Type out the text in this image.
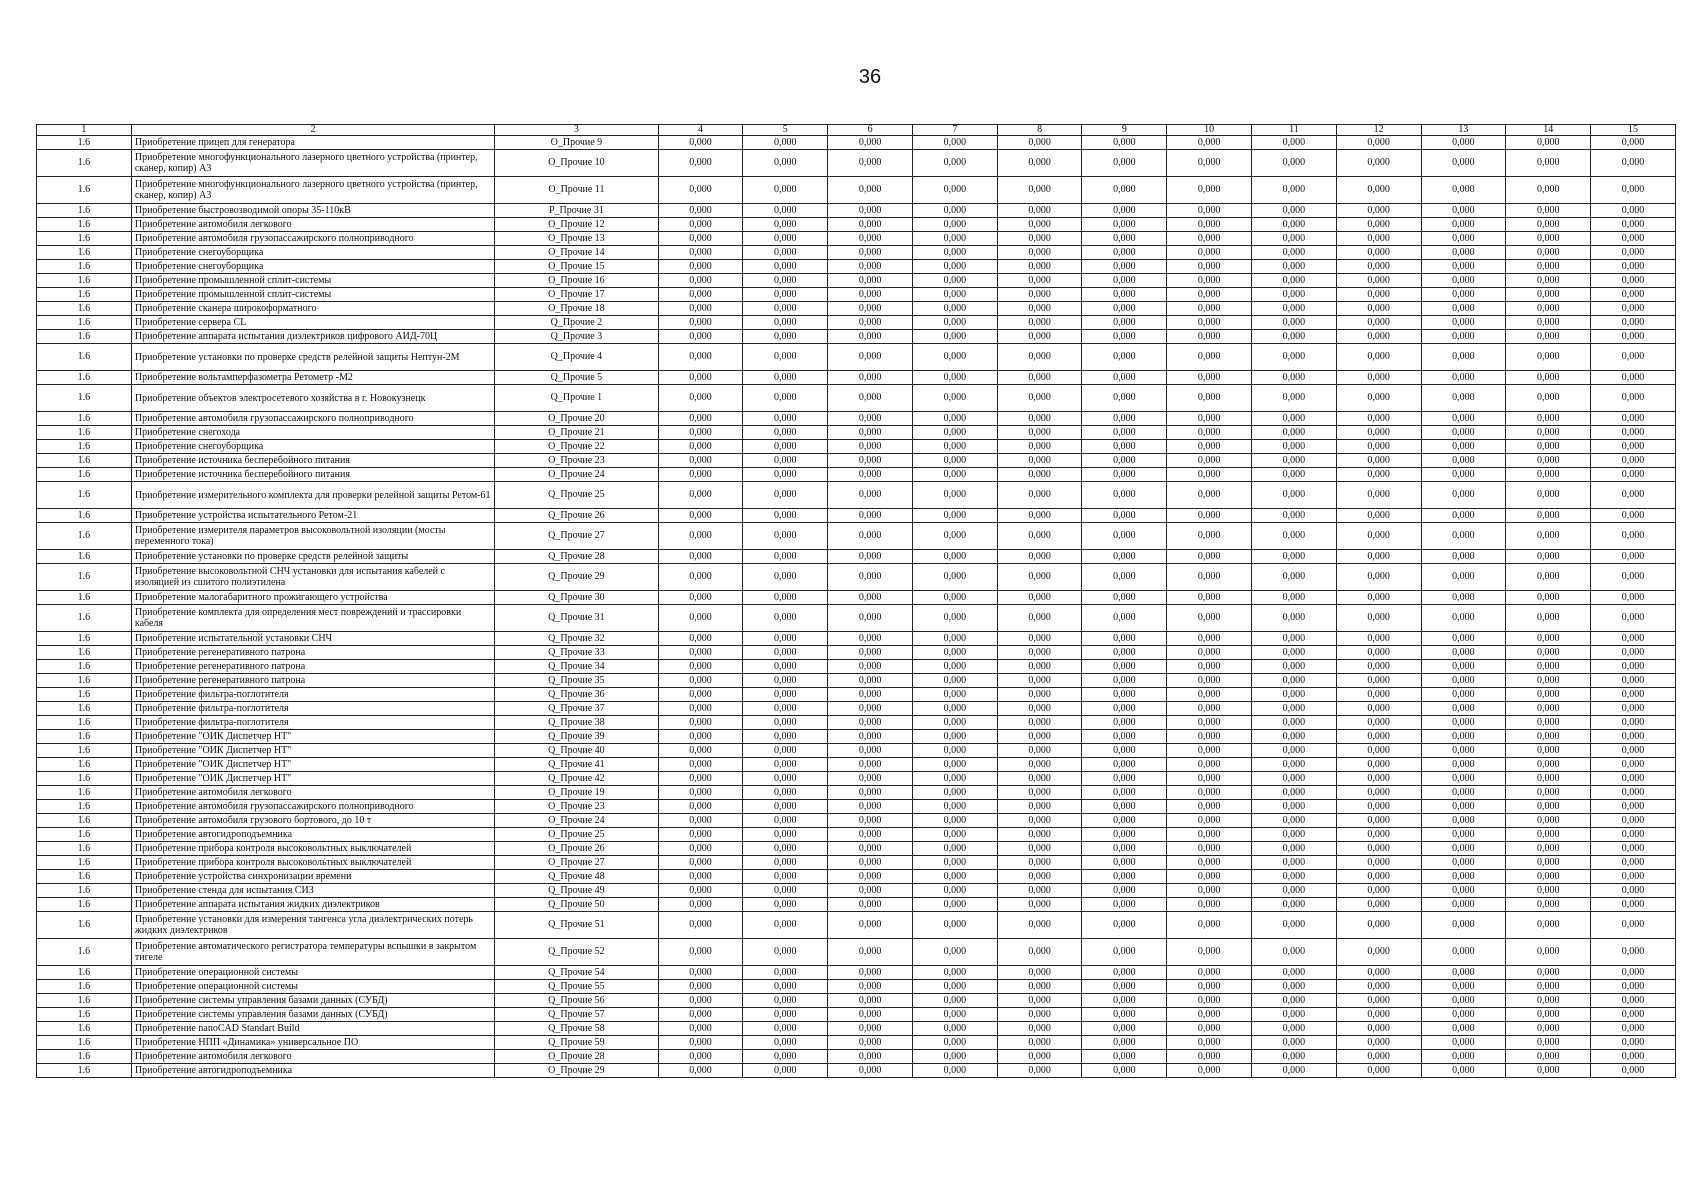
36
1	2	3	4	5	6	7	8	9	10	11	12	13	14	15
1.6	Приобретение прицеп для генератора	О_Прочие 9	0,000	0,000	0,000	0,000	0,000	0,000	0,000	0,000	0,000	0,000	0,000	0,000
1.6	Приобретение многофункционального лазерного цветного устройства (принтер, сканер, копир) А3	О_Прочие 10	0,000	0,000	0,000	0,000	0,000	0,000	0,000	0,000	0,000	0,000	0,000	0,000
1.6	Приобретение многофункционального лазерного цветного устройства (принтер, сканер, копир) А3	О_Прочие 11	0,000	0,000	0,000	0,000	0,000	0,000	0,000	0,000	0,000	0,000	0,000	0,000
1.6	Приобретение быстровозводимой опоры 35-110кВ	Р_Прочие 31	0,000	0,000	0,000	0,000	0,000	0,000	0,000	0,000	0,000	0,000	0,000	0,000
1.6	Приобретение автомобиля легкового	О_Прочие 12	0,000	0,000	0,000	0,000	0,000	0,000	0,000	0,000	0,000	0,000	0,000	0,000
1.6	Приобретение автомобиля грузопассажирского полноприводного	О_Прочие 13	0,000	0,000	0,000	0,000	0,000	0,000	0,000	0,000	0,000	0,000	0,000	0,000
1.6	Приобретение снегоуборщика	О_Прочие 14	0,000	0,000	0,000	0,000	0,000	0,000	0,000	0,000	0,000	0,000	0,000	0,000
1.6	Приобретение снегоуборщика	О_Прочие 15	0,000	0,000	0,000	0,000	0,000	0,000	0,000	0,000	0,000	0,000	0,000	0,000
1.6	Приобретение промышленной сплит-системы	О_Прочие 16	0,000	0,000	0,000	0,000	0,000	0,000	0,000	0,000	0,000	0,000	0,000	0,000
1.6	Приобретение промышленной сплит-системы	О_Прочие 17	0,000	0,000	0,000	0,000	0,000	0,000	0,000	0,000	0,000	0,000	0,000	0,000
1.6	Приобретение сканера широкоформатного	О_Прочие 18	0,000	0,000	0,000	0,000	0,000	0,000	0,000	0,000	0,000	0,000	0,000	0,000
1.6	Приобретение сервера CL	Q_Прочие 2	0,000	0,000	0,000	0,000	0,000	0,000	0,000	0,000	0,000	0,000	0,000	0,000
1.6	Приобретение аппарата испытания диэлектриков цифрового АИД-70Ц	Q_Прочие 3	0,000	0,000	0,000	0,000	0,000	0,000	0,000	0,000	0,000	0,000	0,000	0,000
1.6	Приобретение установки по проверке средств релейной защиты Нептун-2М	Q_Прочие 4	0,000	0,000	0,000	0,000	0,000	0,000	0,000	0,000	0,000	0,000	0,000	0,000
1.6	Приобретение вольтамперфазометра Ретометр -М2	Q_Прочие 5	0,000	0,000	0,000	0,000	0,000	0,000	0,000	0,000	0,000	0,000	0,000	0,000
1.6	Приобретение объектов электросетевого хозяйства в г. Новокузнецк	Q_Прочие 1	0,000	0,000	0,000	0,000	0,000	0,000	0,000	0,000	0,000	0,000	0,000	0,000
1.6	Приобретение автомобиля грузопассажирского полноприводного	О_Прочие 20	0,000	0,000	0,000	0,000	0,000	0,000	0,000	0,000	0,000	0,000	0,000	0,000
1.6	Приобретение снегохода	О_Прочие 21	0,000	0,000	0,000	0,000	0,000	0,000	0,000	0,000	0,000	0,000	0,000	0,000
1.6	Приобретение снегоуборщика	О_Прочие 22	0,000	0,000	0,000	0,000	0,000	0,000	0,000	0,000	0,000	0,000	0,000	0,000
1.6	Приобретение источника бесперебойного питания	О_Прочие 23	0,000	0,000	0,000	0,000	0,000	0,000	0,000	0,000	0,000	0,000	0,000	0,000
1.6	Приобретение источника бесперебойного питания	О_Прочие 24	0,000	0,000	0,000	0,000	0,000	0,000	0,000	0,000	0,000	0,000	0,000	0,000
1.6	Приобретение измерительного комплекта для проверки релейной защиты Ретом-61	Q_Прочие 25	0,000	0,000	0,000	0,000	0,000	0,000	0,000	0,000	0,000	0,000	0,000	0,000
1.6	Приобретение устройства испытательного Ретом-21	Q_Прочие 26	0,000	0,000	0,000	0,000	0,000	0,000	0,000	0,000	0,000	0,000	0,000	0,000
1.6	Приобретение измерителя параметров высоковольтной изоляции (мосты переменного тока)	Q_Прочие 27	0,000	0,000	0,000	0,000	0,000	0,000	0,000	0,000	0,000	0,000	0,000	0,000
1.6	Приобретение установки по проверке средств релейной защиты	Q_Прочие 28	0,000	0,000	0,000	0,000	0,000	0,000	0,000	0,000	0,000	0,000	0,000	0,000
1.6	Приобретение высоковольтной СНЧ установки для испытания кабелей с изоляцией из сшитого полиэтилена	Q_Прочие 29	0,000	0,000	0,000	0,000	0,000	0,000	0,000	0,000	0,000	0,000	0,000	0,000
1.6	Приобретение малогабаритного прожигающего устройства	Q_Прочие 30	0,000	0,000	0,000	0,000	0,000	0,000	0,000	0,000	0,000	0,000	0,000	0,000
1.6	Приобретение комплекта для определения мест повреждений и трассировки кабеля	Q_Прочие 31	0,000	0,000	0,000	0,000	0,000	0,000	0,000	0,000	0,000	0,000	0,000	0,000
1.6	Приобретение испытательной установки СНЧ	Q_Прочие 32	0,000	0,000	0,000	0,000	0,000	0,000	0,000	0,000	0,000	0,000	0,000	0,000
1.6	Приобретение регенеративного патрона	Q_Прочие 33	0,000	0,000	0,000	0,000	0,000	0,000	0,000	0,000	0,000	0,000	0,000	0,000
1.6	Приобретение регенеративного патрона	Q_Прочие 34	0,000	0,000	0,000	0,000	0,000	0,000	0,000	0,000	0,000	0,000	0,000	0,000
1.6	Приобретение регенеративного патрона	Q_Прочие 35	0,000	0,000	0,000	0,000	0,000	0,000	0,000	0,000	0,000	0,000	0,000	0,000
1.6	Приобретение фильтра-поглотителя	Q_Прочие 36	0,000	0,000	0,000	0,000	0,000	0,000	0,000	0,000	0,000	0,000	0,000	0,000
1.6	Приобретение фильтра-поглотителя	Q_Прочие 37	0,000	0,000	0,000	0,000	0,000	0,000	0,000	0,000	0,000	0,000	0,000	0,000
1.6	Приобретение фильтра-поглотителя	Q_Прочие 38	0,000	0,000	0,000	0,000	0,000	0,000	0,000	0,000	0,000	0,000	0,000	0,000
1.6	Приобретение "ОИК Диспетчер НТ"	Q_Прочие 39	0,000	0,000	0,000	0,000	0,000	0,000	0,000	0,000	0,000	0,000	0,000	0,000
1.6	Приобретение "ОИК Диспетчер НТ"	Q_Прочие 40	0,000	0,000	0,000	0,000	0,000	0,000	0,000	0,000	0,000	0,000	0,000	0,000
1.6	Приобретение "ОИК Диспетчер НТ"	Q_Прочие 41	0,000	0,000	0,000	0,000	0,000	0,000	0,000	0,000	0,000	0,000	0,000	0,000
1.6	Приобретение "ОИК Диспетчер НТ"	Q_Прочие 42	0,000	0,000	0,000	0,000	0,000	0,000	0,000	0,000	0,000	0,000	0,000	0,000
1.6	Приобретение автомобиля легкового	О_Прочие 19	0,000	0,000	0,000	0,000	0,000	0,000	0,000	0,000	0,000	0,000	0,000	0,000
1.6	Приобретение автомобиля грузопассажирского полноприводного	О_Прочие 23	0,000	0,000	0,000	0,000	0,000	0,000	0,000	0,000	0,000	0,000	0,000	0,000
1.6	Приобретение автомобиля грузового бортового, до 10 т	О_Прочие 24	0,000	0,000	0,000	0,000	0,000	0,000	0,000	0,000	0,000	0,000	0,000	0,000
1.6	Приобретение автогидроподъемника	О_Прочие 25	0,000	0,000	0,000	0,000	0,000	0,000	0,000	0,000	0,000	0,000	0,000	0,000
1.6	Приобретение прибора контроля высоковольтных выключателей	О_Прочие 26	0,000	0,000	0,000	0,000	0,000	0,000	0,000	0,000	0,000	0,000	0,000	0,000
1.6	Приобретение прибора контроля высоковольтных выключателей	О_Прочие 27	0,000	0,000	0,000	0,000	0,000	0,000	0,000	0,000	0,000	0,000	0,000	0,000
1.6	Приобретение устройства синхронизации времени	Q_Прочие 48	0,000	0,000	0,000	0,000	0,000	0,000	0,000	0,000	0,000	0,000	0,000	0,000
1.6	Приобретение стенда для испытания СИЗ	Q_Прочие 49	0,000	0,000	0,000	0,000	0,000	0,000	0,000	0,000	0,000	0,000	0,000	0,000
1.6	Приобретение аппарата испытания жидких диэлектриков	Q_Прочие 50	0,000	0,000	0,000	0,000	0,000	0,000	0,000	0,000	0,000	0,000	0,000	0,000
1.6	Приобретение установки для измерения тангенса угла диэлектрических потерь жидких диэлектриков	Q_Прочие 51	0,000	0,000	0,000	0,000	0,000	0,000	0,000	0,000	0,000	0,000	0,000	0,000
1.6	Приобретение автоматического регистратора температуры вспышки в закрытом тигеле	Q_Прочие 52	0,000	0,000	0,000	0,000	0,000	0,000	0,000	0,000	0,000	0,000	0,000	0,000
1.6	Приобретение операционной системы	Q_Прочие 54	0,000	0,000	0,000	0,000	0,000	0,000	0,000	0,000	0,000	0,000	0,000	0,000
1.6	Приобретение операционной системы	Q_Прочие 55	0,000	0,000	0,000	0,000	0,000	0,000	0,000	0,000	0,000	0,000	0,000	0,000
1.6	Приобретение системы управления базами данных (СУБД)	Q_Прочие 56	0,000	0,000	0,000	0,000	0,000	0,000	0,000	0,000	0,000	0,000	0,000	0,000
1.6	Приобретение системы управления базами данных (СУБД)	Q_Прочие 57	0,000	0,000	0,000	0,000	0,000	0,000	0,000	0,000	0,000	0,000	0,000	0,000
1.6	Приобретение nanoCAD Standart Build	Q_Прочие 58	0,000	0,000	0,000	0,000	0,000	0,000	0,000	0,000	0,000	0,000	0,000	0,000
1.6	Приобретение НПП «Динамика» универсальное ПО	Q_Прочие 59	0,000	0,000	0,000	0,000	0,000	0,000	0,000	0,000	0,000	0,000	0,000	0,000
1.6	Приобретение автомобиля легкового	О_Прочие 28	0,000	0,000	0,000	0,000	0,000	0,000	0,000	0,000	0,000	0,000	0,000	0,000
1.6	Приобретение автогидроподъемника	О_Прочие 29	0,000	0,000	0,000	0,000	0,000	0,000	0,000	0,000	0,000	0,000	0,000	0,000
